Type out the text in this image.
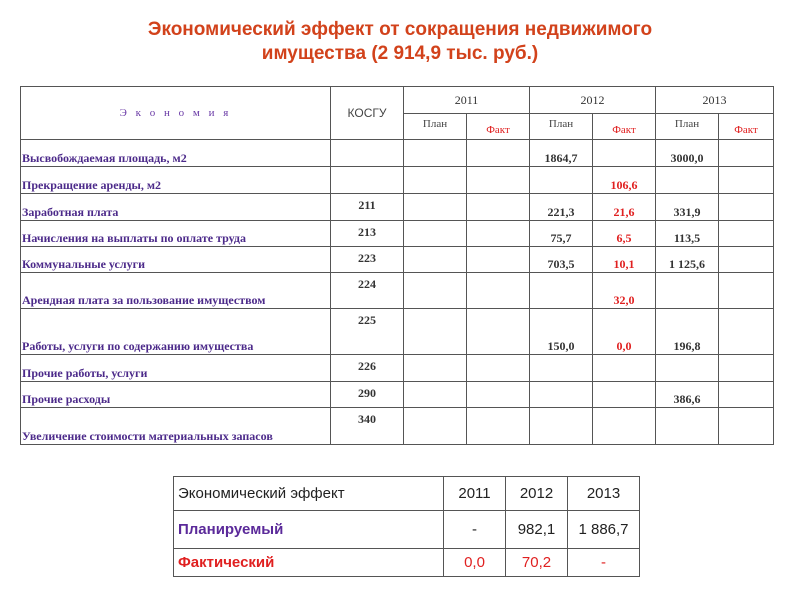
Экономический эффект от сокращения недвижимого
имущества (2 914,9 тыс. руб.)
Э к о н о м и я	КОСГУ	2011		2012		2013	
		План	Факт	План	Факт	План	Факт
Высвобождаемая площадь, м2				1864,7		3000,0	
Прекращение аренды, м2					106,6		
Заработная плата	211			221,3	21,6	331,9	
Начисления на выплаты по оплате труда	213			75,7	6,5	113,5	
Коммунальные услуги	223			703,5	10,1	1 125,6	
Арендная плата за пользование имуществом	224				32,0		
Работы, услуги по содержанию имущества	225			150,0	0,0	196,8	
Прочие работы, услуги	226						
Прочие расходы	290					386,6	
Увеличение стоимости материальных запасов	340						
Экономический эффект	2011	2012	2013
Планируемый	-	982,1	1 886,7
Фактический	0,0	70,2	-
